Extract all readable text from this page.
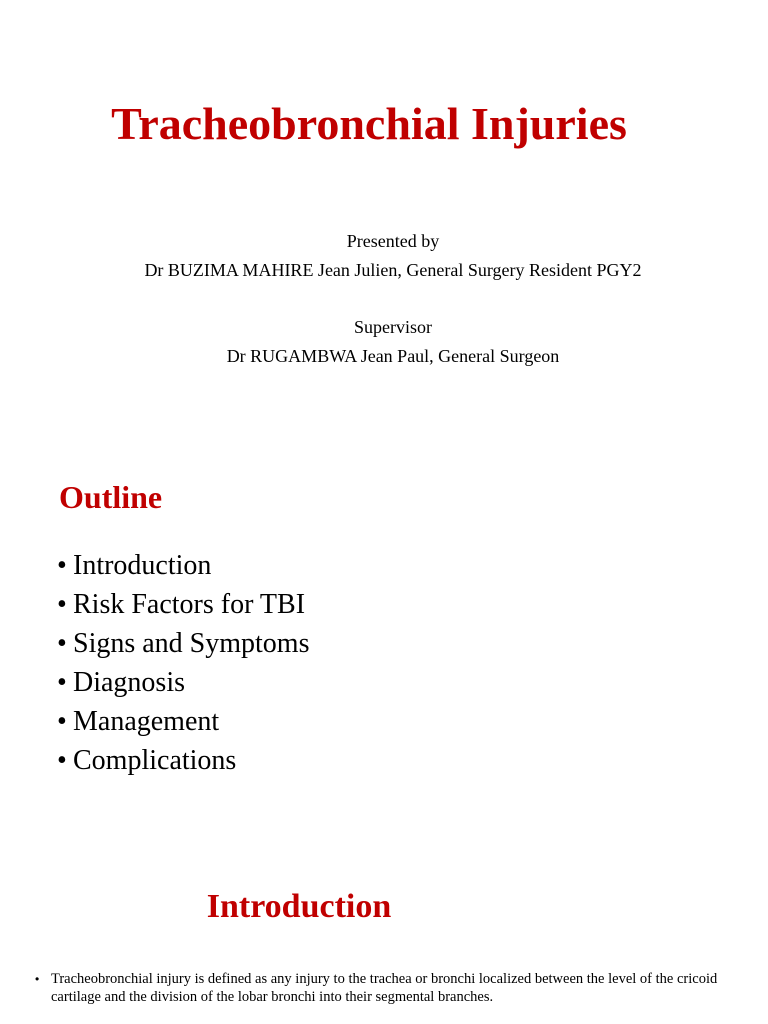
Tracheobronchial Injuries

Presented by

Dr BUZIMA MAHIRE Jean Julien, General Surgery Resident PGY2

Supervisor

Dr RUGAMBWA Jean Paul, General Surgeon

Outline
• Introduction
• Risk Factors for TBI
• Signs and Symptoms
• Diagnosis
• Management
• Complications
Introduction
• Tracheobronchial injury is defined as any injury to the trachea or bronchi localized between the level of the cricoid cartilage and the division of the lobar bronchi into their segmental branches.
